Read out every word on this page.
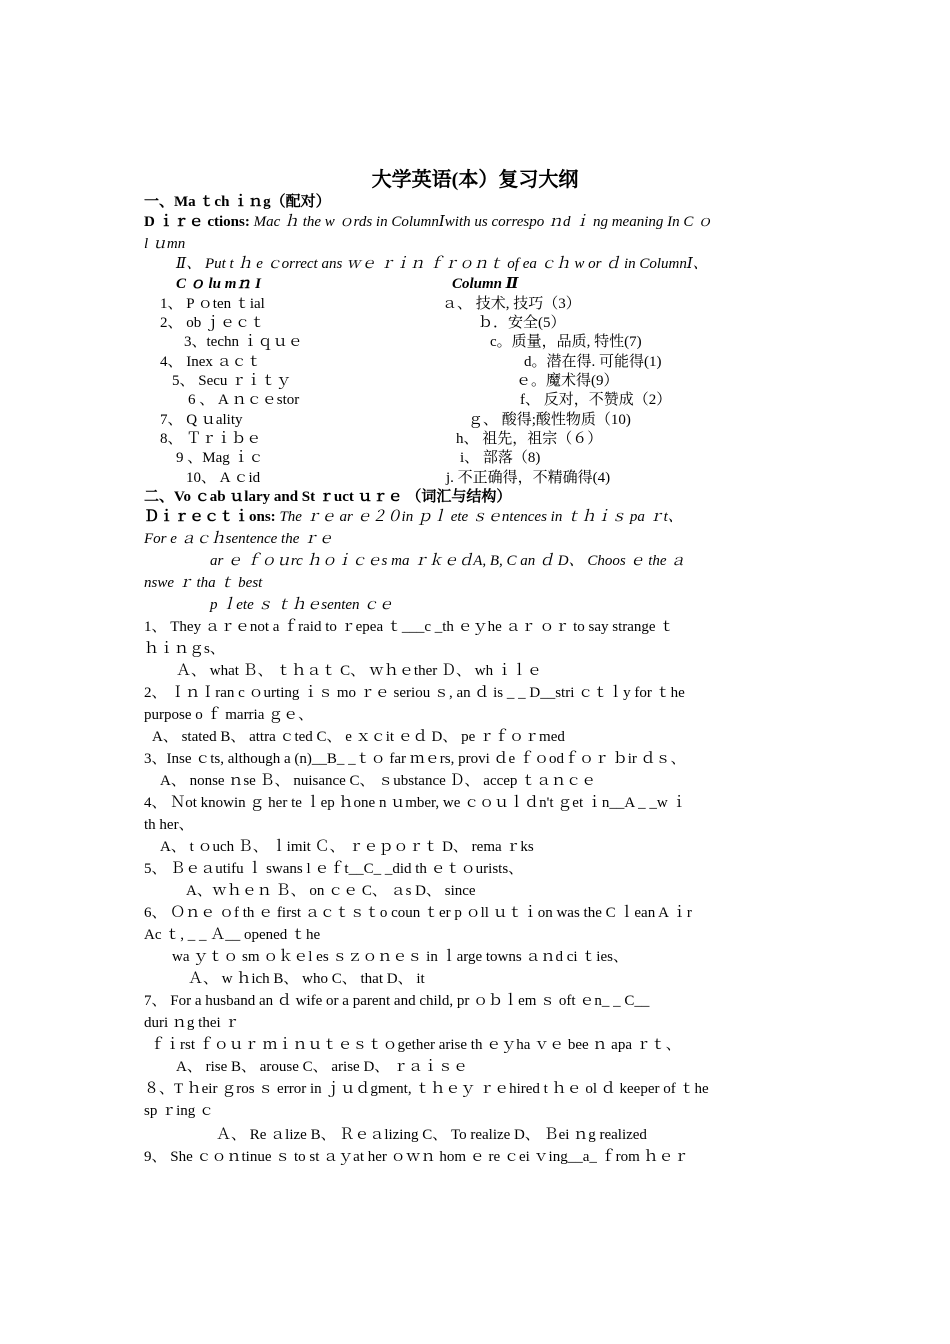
大学英语(本）复习大纲
一、Ma ｔch ｉｎg（配对）
D ｉｒｅ ctions: Mac ｈ the w ｏrds in ColumnⅠwith us correspo ｎd ｉ ng meaning In C ｏ
l ｕmn
Ⅱ、 Put t ｈ e ｃorrect ans ｗｅ ｒｉｎ ｆｒｏｎｔ of ea ｃｈ w or ｄ in ColumnⅠ、
C ｏ lu mｎ I	Column Ⅱ
1、 P ｏten ｔial
2、 ob ｊｅｃｔ
3、techn ｉｑｕｅ
4、 Inex ａｃｔ
5、 Secu ｒｉｔｙ
6 、 A ｎｃｅstor
7、 Q ｕality
8、 Ｔｒｉｂｅ
9 、Mag ｉｃ
10、 A ｃid
ａ、 技术, 技巧（3）
ｂ．安全(5）
c。质量，品质, 特性(7)
d。潜在得. 可能得(1)
ｅ。魔术得(9）
f、 反对，不赞成（2）
ｇ、 酸得;酸性物质（10)
h、 祖先，祖宗（６）
i、 部落（8)
j. 不正确得，不精确得(4)
二、Vo ｃab ｕlary and St ｒuct ｕｒｅ （词汇与结构）
Ｄｉｒｅｃｔｉons: The ｒｅ ar ｅ２０in ｐｌ ete ｓｅntences in ｔｈｉｓ pa ｒt、
For e ａｃｈsentence the ｒｅ
ar ｅ ｆｏｕrc ｈｏｉｃｅs ma ｒｋｅｄA, B, C an ｄ D、 Choos ｅ the ａ
nswe ｒ tha ｔ best
p ｌete ｓ ｔｈｅsenten ｃｅ
1、 They ａｒｅnot a ｆraid to ｒepea ｔ___c _th ｅｙhe ａｒ ｏｒ to say strange ｔ
ｈｉｎｇs、
Ａ、 what Ｂ、 ｔｈａｔ C、 ｗｈｅther Ｄ、 wh ｉｌｅ
2、 ＩｎＩran c ｏurting ｉｓ mo ｒｅ seriou ｓ, an ｄ is _ _ D__stri ｃｔｌy for ｔhe
purpose o ｆ marria ｇｅ、
A、 stated B、 attra ｃted C、 e ｘｃit ｅｄ D、 pe ｒｆｏｒmed
3、Inse ｃts, although a (n)__B_ _ｔｏ far ｍｅrs, provi ｄe ｆｏodｆｏｒ ｂir ｄｓ、
A、 nonse ｎse Ｂ、 nuisance C、 ｓubstance Ｄ、 accep ｔａｎｃｅ
4、 Ｎot knowin ｇ her te ｌep ｈone n ｕmber, we ｃｏｕｌｄn't ｇet ｉn__A _ _w ｉ
th her、
A、 t ｏuch Ｂ、 ｌimit Ｃ、 ｒｅｐｏｒｔ D、 rema ｒks
5、 Ｂｅａutifu ｌ swans l ｅｆt__C_ _did th ｅｔｏurists、
A、ｗｈｅｎ Ｂ、 on ｃｅ C、 ａs D、 since
6、 Ｏｎｅ ｏf th ｅ first ａｃｔｓｔo coun ｔer p ｏll ｕｔｉon was the C ｌean A ｉr
Ac ｔ, _ _ Ａ__ opened ｔhe
wa ｙｔｏ sm ｏｋｅl es ｓｚｏｎｅｓ in ｌarge towns ａｎd ci ｔies、
Ａ、 w ｈich B、 who C、 that D、 it
7、 For a husband an ｄ wife or a parent and child, pr ｏｂｌem ｓ oft ｅn_ _ C__
duri ｎg thei ｒ
ｆｉrst ｆｏｕｒ ｍｉｎｕｔｅｓｔｏgether arise th ｅｙha ｖｅ bee ｎ apa ｒｔ、
A、 rise B、 arouse C、 arise D、 ｒａｉｓｅ
８、T ｈeir ｇros ｓ error in ｊｕｄgment, ｔｈｅｙ ｒｅhired t ｈｅ ol ｄ keeper of ｔhe
sp ｒing ｃ
Ａ、 Re ａlize B、 Ｒｅａlizing C、 To realize D、 Ｂei ｎg realized
9、 She ｃｏｎtinue ｓ to st ａｙat her ｏｗｎ hom ｅ re ｃei ｖing__a_ ｆrom ｈｅｒ
